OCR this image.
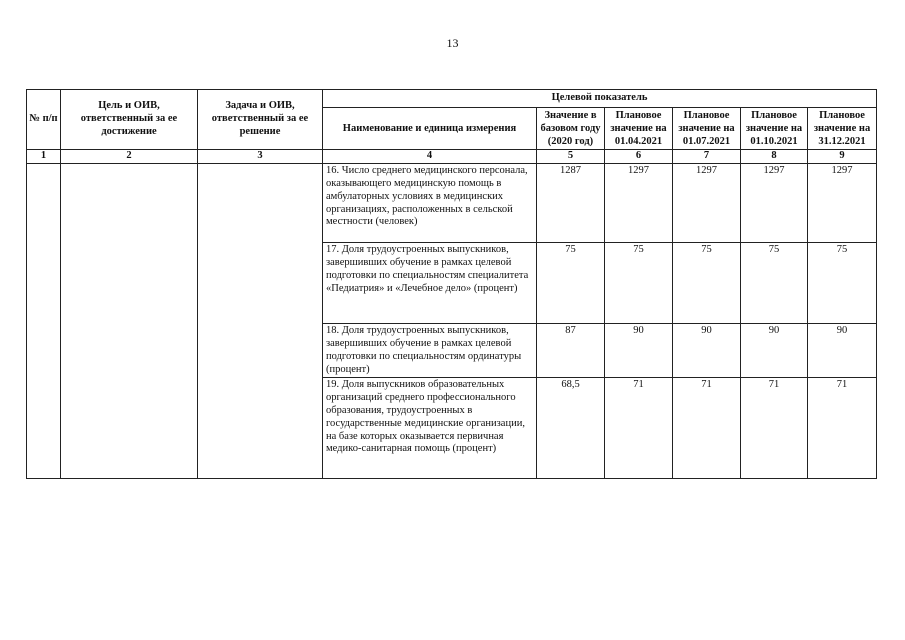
13
№ п/п	Цель и ОИВ, ответственный за ее достижение	Задача и ОИВ, ответственный за ее решение	Целевой показатель					
			Наименование и единица измерения	Значение в базовом году (2020 год)	Плановое значение на 01.04.2021	Плановое значение на 01.07.2021	Плановое значение на 01.10.2021	Плановое значение на 31.12.2021
1	2	3	4	5	6	7	8	9
			16. Число среднего медицинского персонала, оказывающего медицинскую помощь в амбулаторных условиях в медицинских организациях, расположенных в сельской местности (человек)	1287	1297	1297	1297	1297
			17. Доля трудоустроенных выпускников, завершивших обучение в рамках целевой подготовки по специальностям специалитета «Педиатрия» и «Лечебное дело» (процент)	75	75	75	75	75
			18. Доля трудоустроенных выпускников, завершивших обучение в рамках целевой подготовки по специальностям ординатуры (процент)	87	90	90	90	90
			19. Доля выпускников образовательных организаций среднего профессионального образования, трудоустроенных в государственные медицинские организации, на базе которых оказывается первичная медико-санитарная помощь (процент)	68,5	71	71	71	71
